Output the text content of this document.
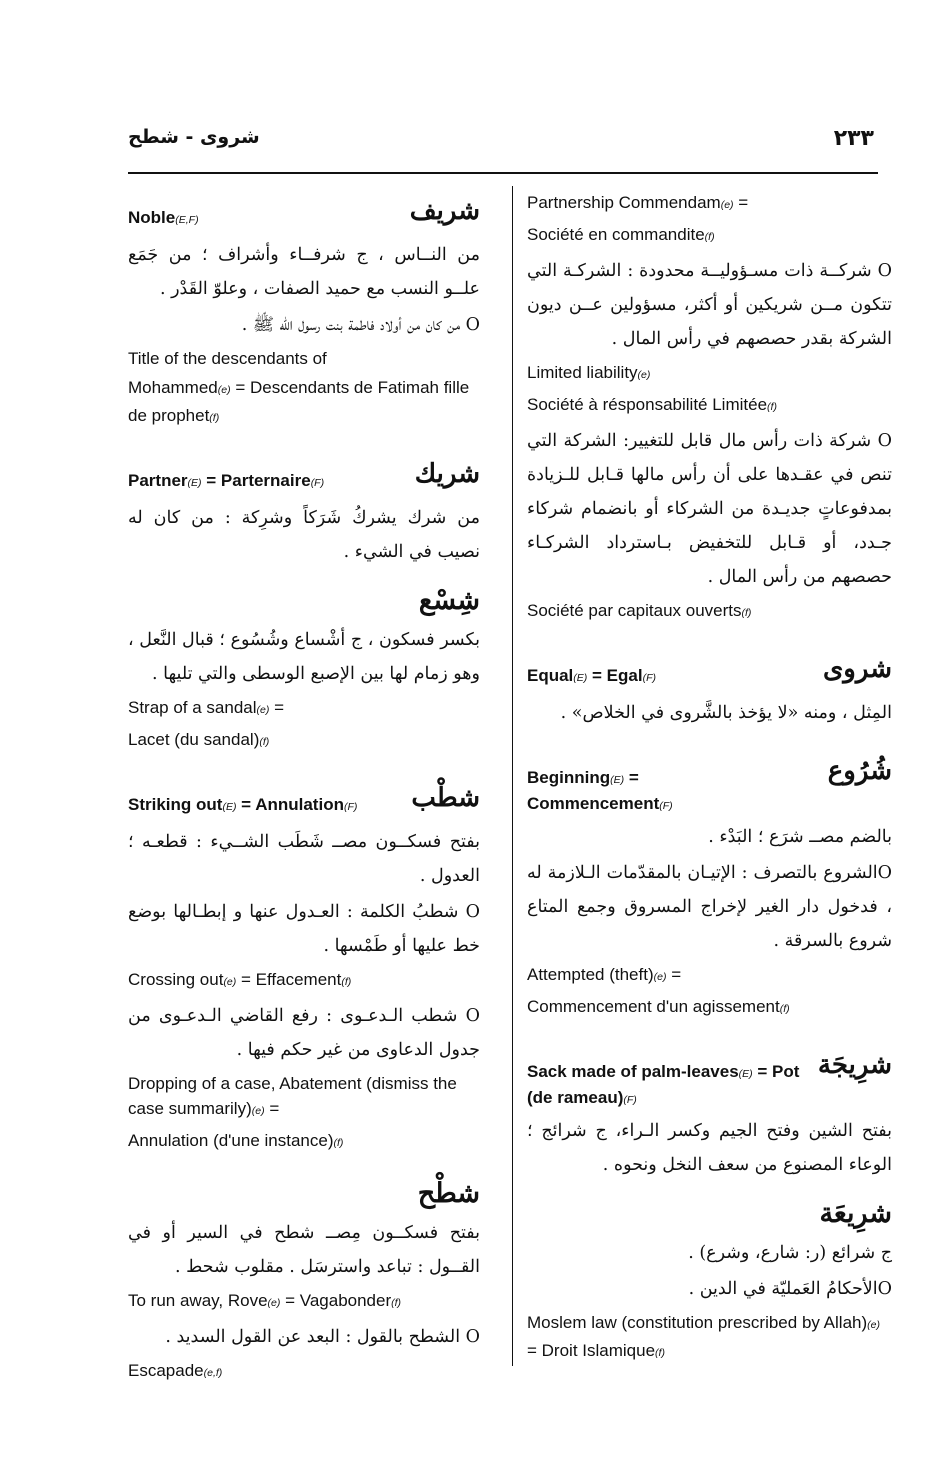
شروى - شطح	٢٣٣
Noble(E,F)	شريف

من النــاس ، ج شرفــاء وأشراف ؛ من جَمَع علــو النسب مع حميد الصفات ، وعلوّ القَدْر .

O من كان من أولاد فاطمة بنت رسول الله ﷺ .

Title of the descendants of

Mohammed(e) = Descendants de Fatimah fille de prophet(f)

Partner(E) = Parternaire(F)	شريك

من شرك يشركُ شَرَكاً وشرِكة : من كان له نصيب في الشيء .

شِسْع

بكسر فسكون ، ج أشْساع وشُسُوع ؛ قبال النَّعل ، وهو زمام لها بين الإصبع الوسطى والتي تليها .

Strap of a sandal(e) =

Lacet (du sandal)(f)

Striking out(E) = Annulation(F)	شطْب

بفتح فسكــون مصــ شَطَب الشــيء : قطعـه ؛ العدول .

O شطبُ الكلمة : العـدول عنها و إبطـالها بوضع خط عليها أو طَمْسها .

Crossing out(e) = Effacement(f)

O شطب الـدعـوى : رفع القاضي الـدعـوى من جدول الدعاوى من غير حكم فيها .

Dropping of a case, Abatement (dismiss the case summarily)(e) =

Annulation (d'une instance)(f)

شطْح

بفتح فسكــون مِصــ شطح في السير أو في القــول : تباعد واسترسَل . مقلوب شحط .

To run away, Rove(e) = Vagabonder(f)

O الشطح بالقول : البعد عن القول السديد .

Escapade(e,f)

Partnership Commendam(e) =

Société en commandite(f)

O شركــة ذات مسـؤوليــة محدودة : الشركـة التي تتكون مــن شريكين أو أكثر، مسؤولين عــن ديون الشركة بقدر حصصهم في رأس المال .

Limited liability(e)

Société à résponsabilité Limitée(f)

O شركة ذات رأس مال قابل للتغيير: الشركة التي تنص في عقـدها على أن رأس مالها قـابل للـزيادة بمدفوعاتٍ جديـدة من الشركاء أو بانضمام شركاء جـدد، أو قـابل للتخفيض بـاسترداد الشركـاء حصصهم من رأس المال .

Société par capitaux ouverts(f)

Equal(E) = Egal(F)	شروى

المِثل ، ومنه «لا يؤخذ بالشَّروى في الخلاص» .

Beginning(E) =
Commencement(F)
شُرُوع

بالضم مصــ شرَع ؛ البَدْء .

Oالشروع بالتصرف : الإتيـان بالمقدّمات الـلازمة له ، فدخول دار الغير لإخراج المسروق وجمع المتاع شروع بالسرقة .

Attempted (theft)(e) =

Commencement d'un agissement(f)

Sack made of palm-leaves(E) = Pot (de rameau)(F)
شرِيجَة

بفتح الشين وفتح الجيم وكسر الـراء، ج شرائج ؛ الوعاء المصنوع من سعف النخل ونحوه .

شرِيعَة

ج شرائع (ر: شارع، وشرع) .

Oالأحكامُ العَمليّة في الدين .

Moslem law (constitution prescribed by Allah)(e) = Droit Islamique(f)
